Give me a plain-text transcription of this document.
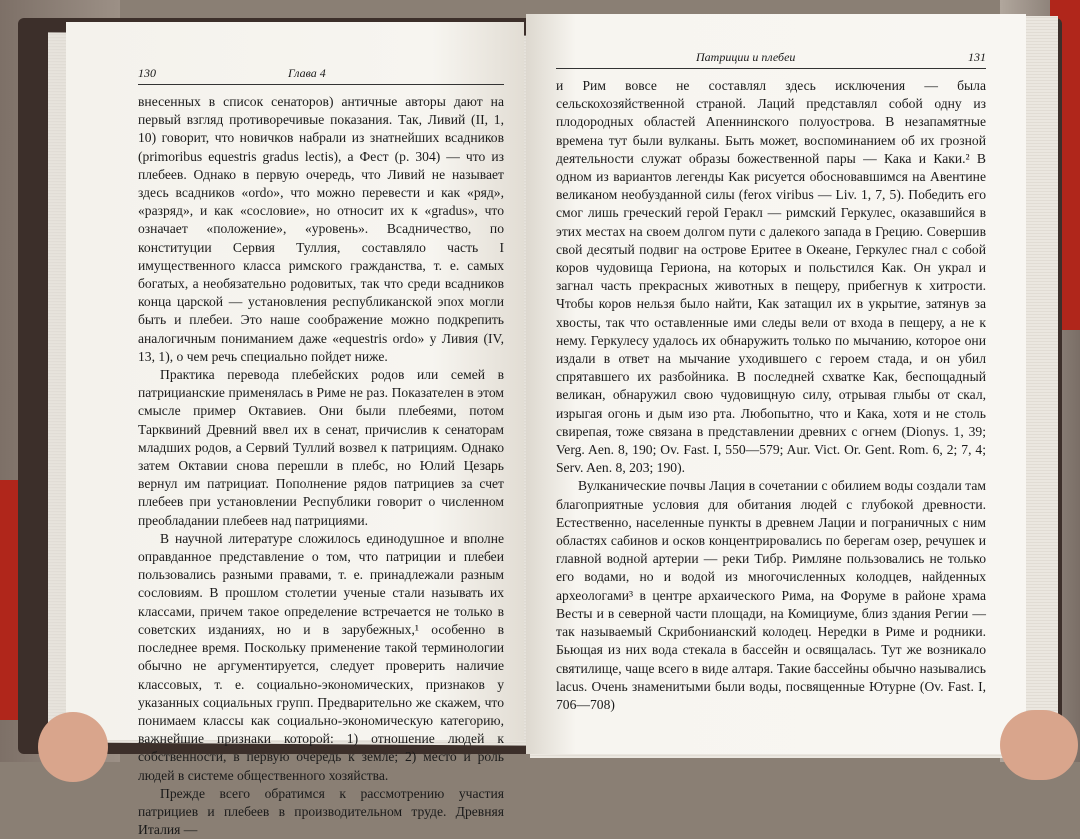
130	Глава 4

внесенных в список сенаторов) античные авторы дают на первый взгляд противоречивые показания. Так, Ливий (II, 1, 10) говорит, что новичков набрали из знатнейших всадников (primoribus equestris gradus lectis), а Фест (р. 304) — что из плебеев. Однако в первую очередь, что Ливий не называет здесь всадников «ordo», что можно перевести и как «ряд», «разряд», и как «сословие», но относит их к «gradus», что означает «положение», «уровень». Всадничество, по конституции Сервия Туллия, составляло часть I имущественного класса римского гражданства, т. е. самых богатых, а необязательно родовитых, так что среди всадников конца царской — установления республиканской эпох могли быть и плебеи. Это наше соображение можно подкрепить аналогичным пониманием даже «equestris ordo» у Ливия (IV, 13, 1), о чем речь специально пойдет ниже.

Практика перевода плебейских родов или семей в патрицианские применялась в Риме не раз. Показателен в этом смысле пример Октавиев. Они были плебеями, потом Тарквиний Древний ввел их в сенат, причислив к сенаторам младших родов, а Сервий Туллий возвел к патрициям. Однако затем Октавии снова перешли в плебс, но Юлий Цезарь вернул им патрициат. Пополнение рядов патрициев за счет плебеев при установлении Республики говорит о численном преобладании плебеев над патрициями.

В научной литературе сложилось единодушное и вполне оправданное представление о том, что патриции и плебеи пользовались разными правами, т. е. принадлежали разным сословиям. В прошлом столетии ученые стали называть их классами, причем такое определение встречается не только в советских изданиях, но и в зарубежных,¹ особенно в последнее время. Поскольку применение такой терминологии обычно не аргументируется, следует проверить наличие классовых, т. е. социально-экономических, признаков у указанных социальных групп. Предварительно же скажем, что понимаем классы как социально-экономическую категорию, важнейшие признаки которой: 1) отношение людей к собственности, в первую очередь к земле; 2) место и роль людей в системе общественного хозяйства.

Прежде всего обратимся к рассмотрению участия патрициев и плебеев в производительном труде. Древняя Италия —

Патриции и плебеи	131

и Рим вовсе не составлял здесь исключения — была сельскохозяйственной страной. Лаций представлял собой одну из плодородных областей Апеннинского полуострова. В незапамятные времена тут были вулканы. Быть может, воспоминанием об их грозной деятельности служат образы божественной пары — Кака и Каки.² В одном из вариантов легенды Как рисуется обосновавшимся на Авентине великаном необузданной силы (ferox viribus — Liv. 1, 7, 5). Победить его смог лишь греческий герой Геракл — римский Геркулес, оказавшийся в этих местах на своем долгом пути с далекого запада в Грецию. Совершив свой десятый подвиг на острове Еритее в Океане, Геркулес гнал с собой коров чудовища Гериона, на которых и польстился Как. Он украл и загнал часть прекрасных животных в пещеру, прибегнув к хитрости. Чтобы коров нельзя было найти, Как затащил их в укрытие, затянув за хвосты, так что оставленные ими следы вели от входа в пещеру, а не к нему. Геркулесу удалось их обнаружить только по мычанию, которое они издали в ответ на мычание уходившего с героем стада, и он убил спрятавшего их разбойника. В последней схватке Как, беспощадный великан, обнаружил свою чудовищную силу, отрывая глыбы от скал, изрыгая огонь и дым изо рта. Любопытно, что и Кака, хотя и не столь свирепая, тоже связана в представлении древних с огнем (Dionys. 1, 39; Verg. Aen. 8, 190; Ov. Fast. I, 550—579; Aur. Vict. Or. Gent. Rom. 6, 2; 7, 4; Serv. Aen. 8, 203; 190).

Вулканические почвы Лация в сочетании с обилием воды создали там благоприятные условия для обитания людей с глубокой древности. Естественно, населенные пункты в древнем Лации и пограничных с ним областях сабинов и осков концентрировались по берегам озер, речушек и главной водной артерии — реки Тибр. Римляне пользовались не только его водами, но и водой из многочисленных колодцев, найденных археологами³ в центре архаического Рима, на Форуме в районе храма Весты и в северной части площади, на Комициуме, близ здания Регии — так называемый Скрибонианский колодец. Нередки в Риме и родники. Бьющая из них вода стекала в бассейн и освящалась. Тут же возникало святилище, чаще всего в виде алтаря. Такие бассейны обычно назывались lacus. Очень знаменитыми были воды, посвященные Ютурне (Ov. Fast. I, 706—708)
